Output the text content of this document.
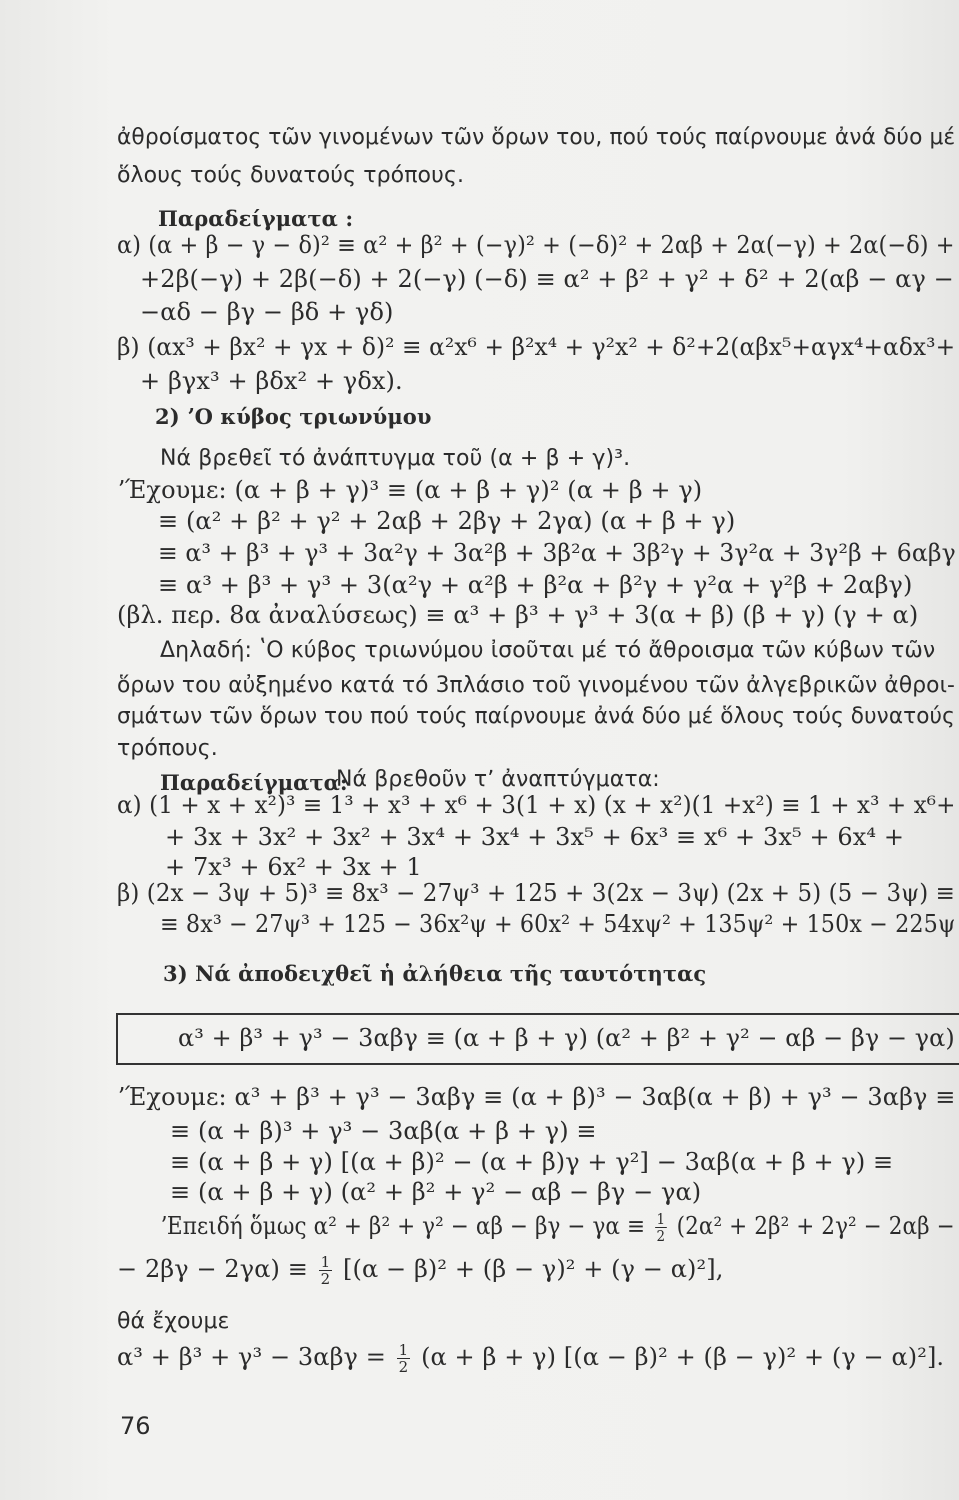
ἀθροίσματος τῶν γινομένων τῶν ὅρων του, πού τούς παίρνουμε ἀνά δύο μέ
ὅλους τούς δυνατούς τρόπους.
Παραδείγματα :
α) (α + β − γ − δ)² ≡ α² + β² + (−γ)² + (−δ)² + 2αβ + 2α(−γ) + 2α(−δ) +
+2β(−γ) + 2β(−δ) + 2(−γ) (−δ) ≡ α² + β² + γ² + δ² + 2(αβ − αγ −
−αδ − βγ − βδ + γδ)
β) (αx³ + βx² + γx + δ)² ≡ α²x⁶ + β²x⁴ + γ²x² + δ²+2(αβx⁵+αγx⁴+αδx³+
+ βγx³ + βδx² + γδx).
2) ʼΟ κύβος τριωνύμου
Νά βρεθεῖ τό ἀνάπτυγμα τοῦ (α + β + γ)³.
ʼΈχουμε: (α + β + γ)³ ≡ (α + β + γ)² (α + β + γ)
≡ (α² + β² + γ² + 2αβ + 2βγ + 2γα) (α + β + γ)
≡ α³ + β³ + γ³ + 3α²γ + 3α²β + 3β²α + 3β²γ + 3γ²α + 3γ²β + 6αβγ
≡ α³ + β³ + γ³ + 3(α²γ + α²β + β²α + β²γ + γ²α + γ²β + 2αβγ)
(βλ. περ. 8α ἀναλύσεως) ≡ α³ + β³ + γ³ + 3(α + β) (β + γ) (γ + α)
Δηλαδή: ʽΟ κύβος τριωνύμου ἰσοῦται μέ τό ἄθροισμα τῶν κύβων τῶν
ὅρων του αὐξημένο κατά τό 3πλάσιο τοῦ γινομένου τῶν ἀλγεβρικῶν ἀθροι-
σμάτων τῶν ὅρων του πού τούς παίρνουμε ἀνά δύο μέ ὅλους τούς δυνατούς
τρόπους.
Παραδείγματα:
Νά βρεθοῦν τʼ ἀναπτύγματα:
α) (1 + x + x²)³ ≡ 1³ + x³ + x⁶ + 3(1 + x) (x + x²)(1 +x²) ≡ 1 + x³ + x⁶+
+ 3x + 3x² + 3x² + 3x⁴ + 3x⁴ + 3x⁵ + 6x³ ≡ x⁶ + 3x⁵ + 6x⁴ +
+ 7x³ + 6x² + 3x + 1
β) (2x − 3ψ + 5)³ ≡ 8x³ − 27ψ³ + 125 + 3(2x − 3ψ) (2x + 5) (5 − 3ψ) ≡
≡ 8x³ − 27ψ³ + 125 − 36x²ψ + 60x² + 54xψ² + 135ψ² + 150x − 225ψ
3) Νά ἀποδειχθεῖ ἡ ἀλήθεια τῆς ταυτότητας
α³ + β³ + γ³ − 3αβγ ≡ (α + β + γ) (α² + β² + γ² − αβ − βγ − γα)
ʼΈχουμε: α³ + β³ + γ³ − 3αβγ ≡ (α + β)³ − 3αβ(α + β) + γ³ − 3αβγ ≡
≡ (α + β)³ + γ³ − 3αβ(α + β + γ) ≡
≡ (α + β + γ) [(α + β)² − (α + β)γ + γ²] − 3αβ(α + β + γ) ≡
≡ (α + β + γ) (α² + β² + γ² − αβ − βγ − γα)
ʼΕπειδή ὅμως $\alpha^2 + \beta^2 + \gamma^2 - \alpha\beta - \beta\gamma - \gamma\alpha \equiv \frac{1}{2} (2\alpha^2 + 2\beta^2 + 2\gamma^2 - 2\alpha\beta$ −
− $2\beta\gamma - 2\gamma\alpha) \equiv \frac{1}{2} [(\alpha - \beta)^2 + (\beta - \gamma)^2 + (\gamma - \alpha)^2]$,
θά ἔχουμε
$\alpha^3 + \beta^3 + \gamma^3 - 3\alpha\beta\gamma = \frac{1}{2} (\alpha + \beta + \gamma) [(\alpha - \beta)^2 + (\beta - \gamma)^2 + (\gamma - \alpha)^2]$.
76
